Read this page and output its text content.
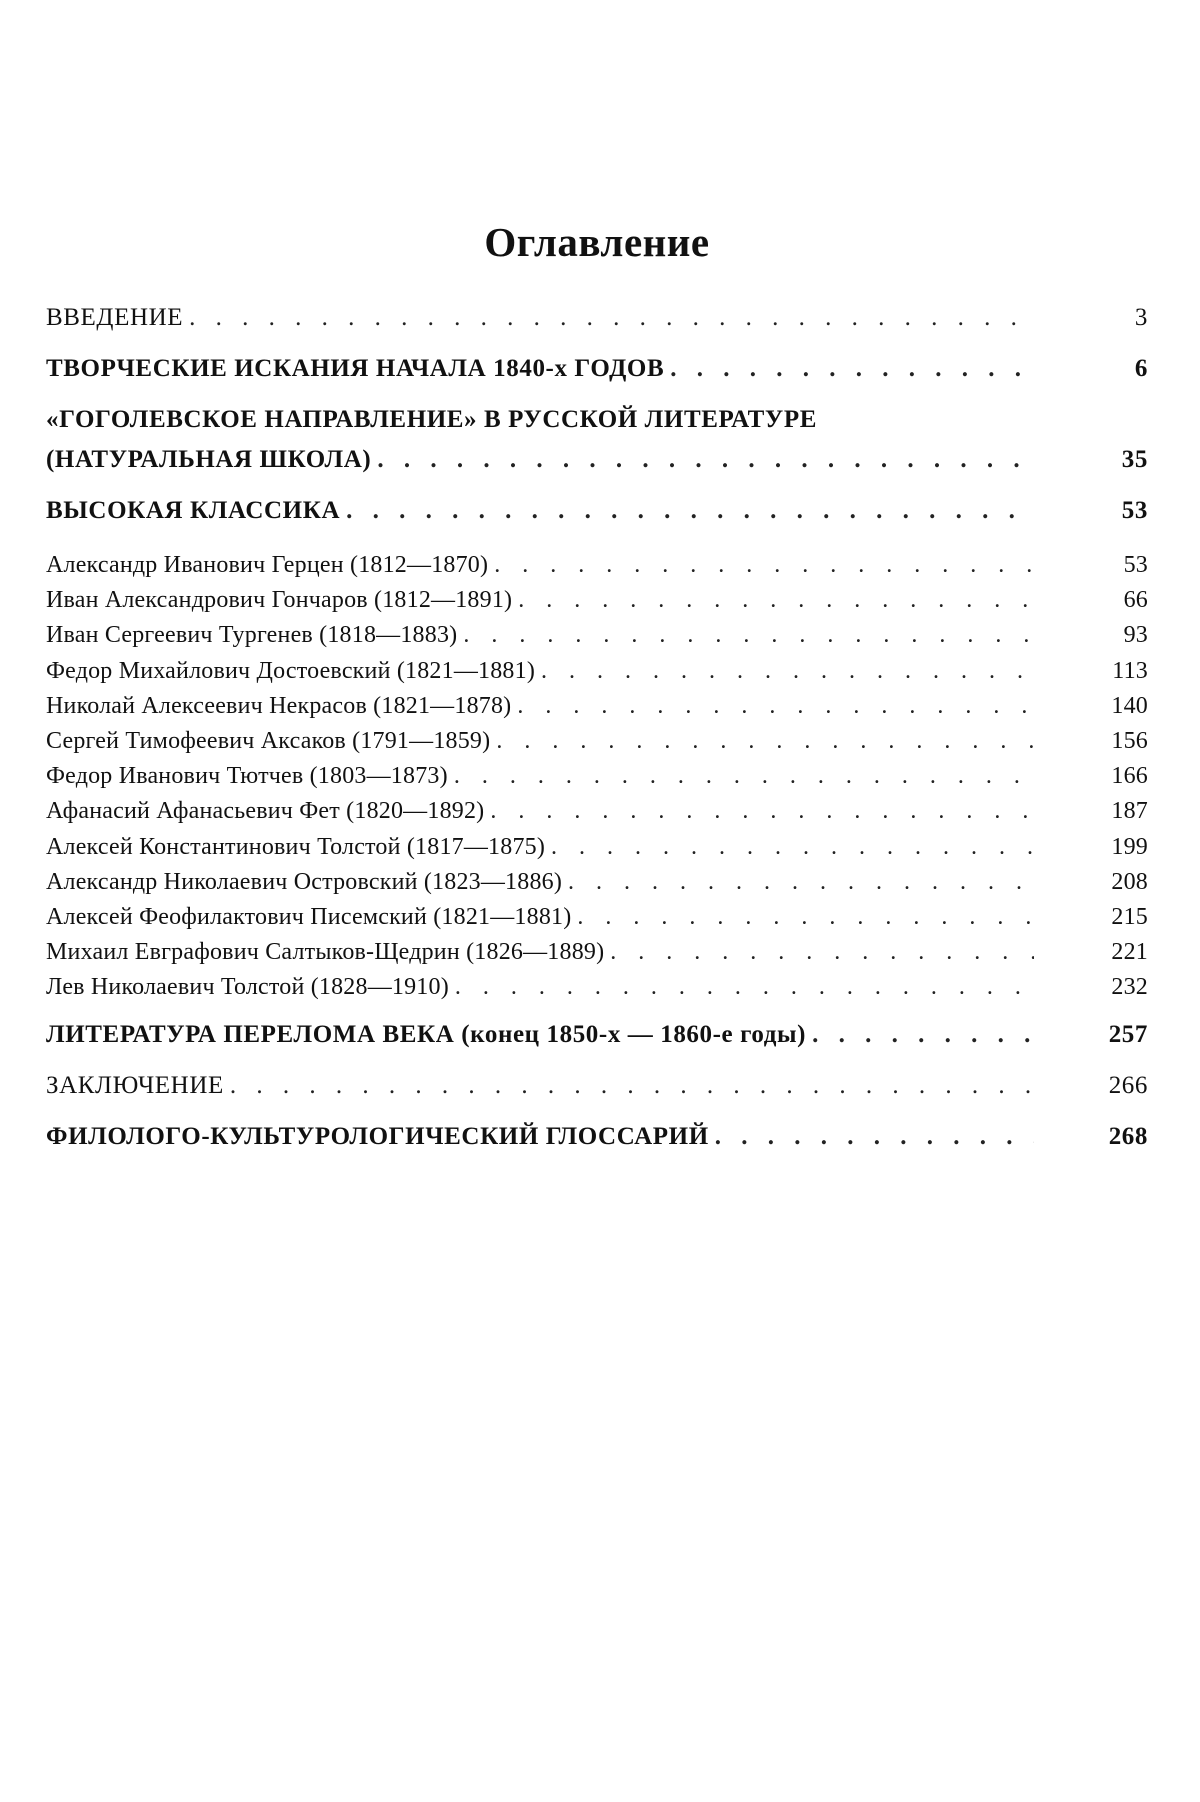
Оглавление
ВВЕДЕНИЕ . . .	3
ТВОРЧЕСКИЕ ИСКАНИЯ НАЧАЛА 1840-х ГОДОВ . . .	6
«ГОГОЛЕВСКОЕ НАПРАВЛЕНИЕ» В РУССКОЙ ЛИТЕРАТУРЕ
(НАТУРАЛЬНАЯ ШКОЛА) . . .	35
ВЫСОКАЯ КЛАССИКА . . .	53
Александр Иванович Герцен (1812—1870) . . .	53
Иван Александрович Гончаров (1812—1891) . . .	66
Иван Сергеевич Тургенев (1818—1883) . . .	93
Федор Михайлович Достоевский (1821—1881) . . .	113
Николай Алексеевич Некрасов (1821—1878) . . .	140
Сергей Тимофеевич Аксаков (1791—1859) . . .	156
Федор Иванович Тютчев (1803—1873) . . .	166
Афанасий Афанасьевич Фет (1820—1892) . . .	187
Алексей Константинович Толстой (1817—1875) . . .	199
Александр Николаевич Островский (1823—1886) . . .	208
Алексей Феофилактович Писемский (1821—1881) . . .	215
Михаил Евграфович Салтыков-Щедрин (1826—1889) . . .	221
Лев Николаевич Толстой (1828—1910) . . .	232
ЛИТЕРАТУРА ПЕРЕЛОМА ВЕКА (конец 1850-х — 1860-е годы) . . .	257
ЗАКЛЮЧЕНИЕ . . .	266
ФИЛОЛОГО-КУЛЬТУРОЛОГИЧЕСКИЙ ГЛОССАРИЙ . . .	268
